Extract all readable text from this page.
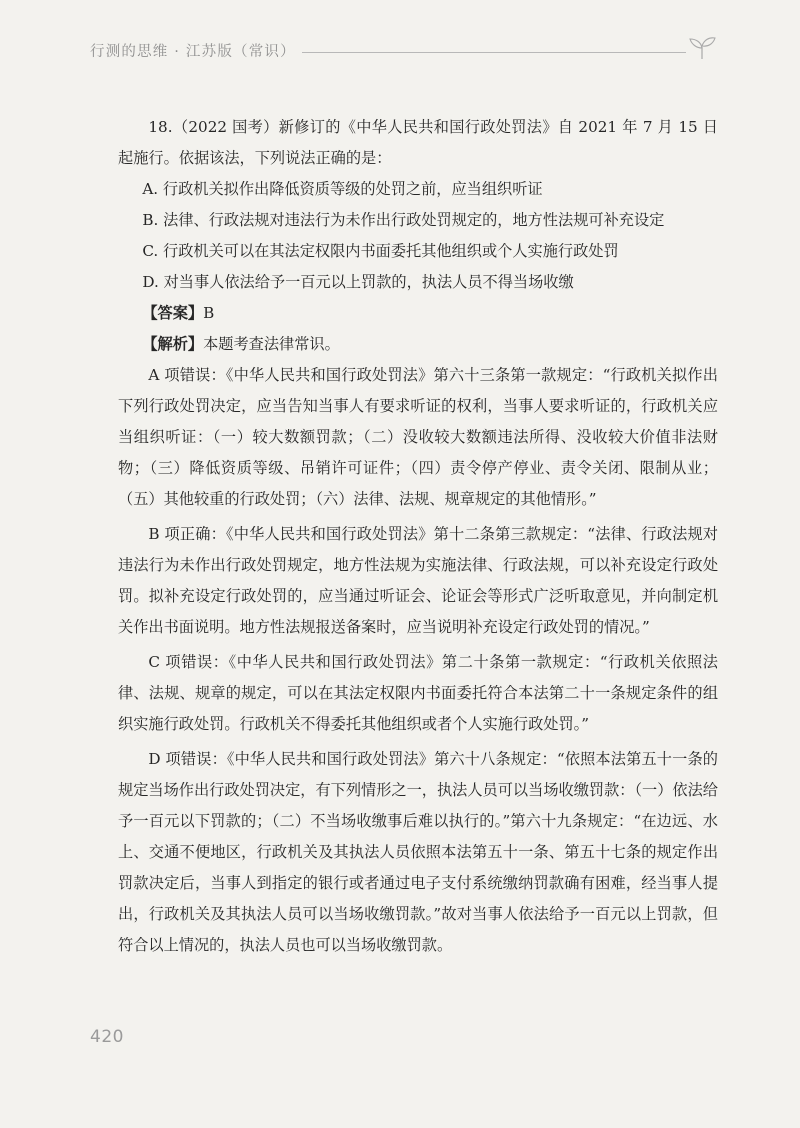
行测的思维 · 江苏版（常识）

18.（2022 国考）新修订的《中华人民共和国行政处罚法》自 2021 年 7 月 15 日起施行。依据该法，下列说法正确的是：

A. 行政机关拟作出降低资质等级的处罚之前，应当组织听证

B. 法律、行政法规对违法行为未作出行政处罚规定的，地方性法规可补充设定

C. 行政机关可以在其法定权限内书面委托其他组织或个人实施行政处罚

D. 对当事人依法给予一百元以上罚款的，执法人员不得当场收缴

【答案】B

【解析】本题考查法律常识。

A 项错误：《中华人民共和国行政处罚法》第六十三条第一款规定：“行政机关拟作出下列行政处罚决定，应当告知当事人有要求听证的权利，当事人要求听证的，行政机关应当组织听证：（一）较大数额罚款；（二）没收较大数额违法所得、没收较大价值非法财物；（三）降低资质等级、吊销许可证件；（四）责令停产停业、责令关闭、限制从业；（五）其他较重的行政处罚；（六）法律、法规、规章规定的其他情形。”

B 项正确：《中华人民共和国行政处罚法》第十二条第三款规定：“法律、行政法规对违法行为未作出行政处罚规定，地方性法规为实施法律、行政法规，可以补充设定行政处罚。拟补充设定行政处罚的，应当通过听证会、论证会等形式广泛听取意见，并向制定机关作出书面说明。地方性法规报送备案时，应当说明补充设定行政处罚的情况。”

C 项错误：《中华人民共和国行政处罚法》第二十条第一款规定：“行政机关依照法律、法规、规章的规定，可以在其法定权限内书面委托符合本法第二十一条规定条件的组织实施行政处罚。行政机关不得委托其他组织或者个人实施行政处罚。”

D 项错误：《中华人民共和国行政处罚法》第六十八条规定：“依照本法第五十一条的规定当场作出行政处罚决定，有下列情形之一，执法人员可以当场收缴罚款：（一）依法给予一百元以下罚款的；（二）不当场收缴事后难以执行的。”第六十九条规定：“在边远、水上、交通不便地区，行政机关及其执法人员依照本法第五十一条、第五十七条的规定作出罚款决定后，当事人到指定的银行或者通过电子支付系统缴纳罚款确有困难，经当事人提出，行政机关及其执法人员可以当场收缴罚款。”故对当事人依法给予一百元以上罚款，但符合以上情况的，执法人员也可以当场收缴罚款。

420
